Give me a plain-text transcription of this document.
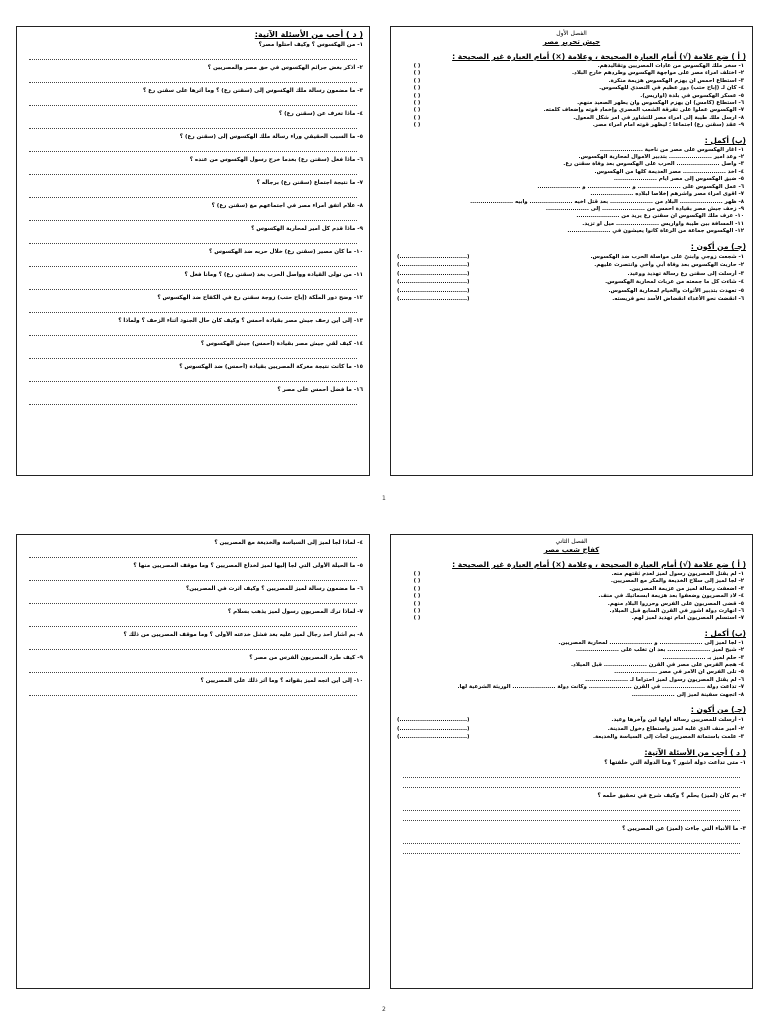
( د ) أجب من الأسئلة الآتية:
١- من الهكسوس ؟ وكيف احتلوا مصر؟
٢- اذكر بعض جرائم الهكسوس في حق مصر والمصريين ؟
٣- ما مضمون رسالة ملك الهكسوس إلى (سقنن رع) ؟ وما أثرها على سقنن رع ؟
٤- ماذا تعرف عن (سقنن رع) ؟
٥- ما السبب الحقيقي وراء رسالة ملك الهكسوس إلى (سقنن رع) ؟
٦- ماذا فعل (سقنن رع) بعدما خرج رسول الهكسوس من عنده ؟
٧- ما نتيجة اجتماع (سقنن رع) برجاله ؟
٨- علام اتفق أمراء مصر في اجتماعهم مع (سقنن رع) ؟
٩- ماذا قدم كل أمير لمحاربة الهكسوس ؟
١٠- ما كان مصير (سقنن رع) خلال حربه ضد الهكسوس ؟
١١- من تولى القيادة وواصل الحرب بعد (سقنن رع) ؟ ومانا فعل ؟
١٢- وضح دور الملكة (إباح حتب) زوجة سقنن رع في الكفاح ضد الهكسوس ؟
١٣- إلى أين زحف جيش مصر بقيادة أحمس ؟ وكيف كان حال الجنود أثناء الزحف ؟ ولماذا ؟
١٤- كيف لقي جيش مصر بقيادة (أحمس) جيش الهكسوس ؟
١٥- ما كانت نتيجة معركة المصريين بقيادة (أحمس) ضد الهكسوس ؟
١٦- ما فضل أحمس على مصر ؟
الفصل الأول
جيش تحرير مصر
( أ ) ضع علامة (√) أمام العبارة الصحيحة ، وعلامة (×) أمام العبارة غير الصحيحة :
١- سخر ملك الهكسوس من عادات المصريين وتقاليدهم.
( )
٢- اختلف أمراء مصر على مواجهة الهكسوس وطردهم خارج البلاد.
( )
٣- استطاع أحمس أن يهزم الهكسوس هزيمة منكرة.
( )
٤- كان لـ (إباح حتب) دور عظيم في التصدي للهكسوس.
( )
٥- عسكر الهكسوس في بلدة (أواريس).
( )
٦- استطاع (كامس) أن يهزم الهكسوس وأن يطهر الصعيد منهم.
( )
٧- الهكسوس عملوا على تفرقة الشعب المصري وإخماد قوته وإضعاف كلمته.
( )
٨- أرسل ملك طيبة إلى أمراء مصر للتشاور في أمر شكل المعول.
( )
٩- عقد (سقنن رع) اجتماعاً ؛ ليظهر قوته أمام أمراء مصر.
( )
(ب) أكمل :
١- أغار الهكسوس على مصر من ناحية .....................
٢- وعد أمير ..................... بتدبير الأموال لمحاربة الهكسوس.
٣- واصل ..................... الحرب على الهكسوس بعد وفاة سقنن رع.
٤- أخذ ..................... مصر العديمة كلها من الهكسوس.
٥- ضيق الهكسوس إلى مصر أيام .....................
٦- عمل الهكسوس على ..................... و ..................... و .....................
٧- أقوى أمراء مصر وأشرهم إخلاصاً لبلاده .....................
٨- ظهر ..................... البلاد من ..................... بعد قتل أخيه ..................... وأبيه .....................
٩- زحف جيش مصر بقيادة أحمس من ..................... إلى .....................
١٠- عرف ملك الهكسوس أن سقنن رع يريد من .....................
١١- المسافة بين طيبة وأواريس ..................... ميل أو تزيد.
١٢- الهكسوس جماعة من الرعاة كانوا يعيشون في .....................
(جـ) من أكون :
١- شجعت زوجي وابنيّ على مواصلة الحرب ضد الهكسوس.
(.................................)
٢- حاربت الهكسوس بعد وفاة أبي وأخي وانتصرت عليهم.
(.................................)
٣- أرسلت إلى سقنن رع رسالة تهديد ووعيد.
(.................................)
٤- شاءت كل ما جمعته من عربات لمحاربة الهكسوس.
(.................................)
٥- تعهدت بتدبير الأثوات والخيام لمحاربة الهكسوس.
(.................................)
٦- انقضت نحو الأعداء انقضاض الأسد نحو فريسته.
(.................................)
1
٤- لماذا لجأ لميز إلى السياسة والخديعة مع المصريين ؟
٥- ما الحيلة الأولى التي لجأ إليها لميز لخداع المصريين ؟ وما موقف المصريين منها ؟
٦- ما مضمون رسالة لميز للمصريين ؟ وكيف أثرت في المصريين؟
٧- لماذا ترك المصريون رسول لميز يذهب بسلام ؟
٨- بم أشار أحد رجال لميز عليه بعد فشل خدعته الأولى ؟ وما موقف المصريين من ذلك ؟
٩- كيف طرد المصريون الفرس من مصر ؟
١٠- إلى أين اتجه لميز بقواته ؟ وما أثر ذلك على المصريين ؟
الفصل الثاني
كفاح شعب مصر
( أ ) ضع علامة (√) أمام العبارة الصحيحة ، وعلامة (×) أمام العبارة غير الصحيحة :
١- لم يقتل المصريون رسول لميز لعدم ثقتهم منه.
( )
٢- لجأ لميز إلى سلاح الخديعة والمكر مع المصريين.
( )
٣- أضعفت رسالة لميز من عزيمة المصريين.
( )
٤- لاذ المصريون وضعفوا بعد هزيمة أبسماتيك في منف.
( )
٥- قضى المصريون على الفرس وحرروا البلاد منهم.
( )
٦- انهارت دولة أشور في القرن السابع قبل الميلاد.
( )
٧- استسلم المصريون أمام تهديد لميز لهم.
( )
(ب) أكمل :
١- لجأ لميز إلى ..................... و ..................... لمحاربة المصريين.
٢- شيخ لميز ..................... بعد أن تغلب على .....................
٣- حلم لميز بـ .....................
٤- هجم الفرس على مصر في القرن ..................... قبل الميلاد.
٥- تلى الفرس أن الأمر في مصر .....................
٦- لم يقتل المصريون رسول لميز احتراماً لـ .....................
٧- تداعت دولة ..................... في القرن ..................... وكانت دولة ..................... الوريثة الشرعية لها.
٨- اتجهت سفينة لميز إلى .....................
(جـ) من أكون :
١- أرسلت للمصريين رسالة أولها لين وآخرها وعيد.
(.................................)
٢- أمير منف الذي غلبه لميز واستطاع دخول المدينة.
(.................................)
٣- علمت باستماتة المصريين لجأت إلى السياسة والخديعة.
(.................................)
( د ) أجب من الأسئلة الآتية:
١- متى تداعت دولة أشور ؟ وما الدولة التي خلفتها ؟
٢- بم كان (لميز) يحلم ؟ وكيف شرع في تحقيق حلمه ؟
٣- ما الأنباء التي جاءت (لميز) عن المصريين ؟
2
